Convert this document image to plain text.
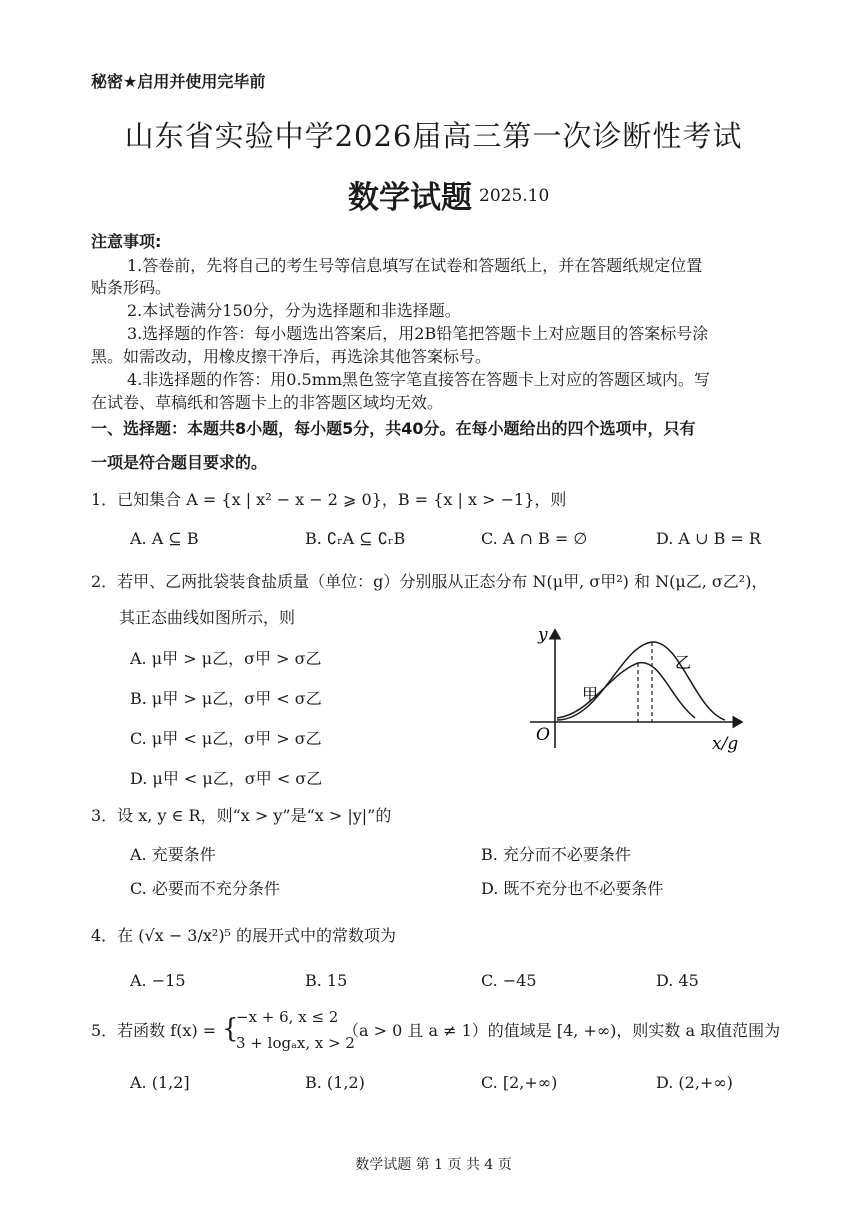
秘密★启用并使用完毕前
山东省实验中学2026届高三第一次诊断性考试
数学试题 2025.10
注意事项:
1.答卷前，先将自己的考生号等信息填写在试卷和答题纸上，并在答题纸规定位置
贴条形码。
2.本试卷满分150分，分为选择题和非选择题。
3.选择题的作答：每小题选出答案后，用2B铅笔把答题卡上对应题目的答案标号涂
黑。如需改动，用橡皮擦干净后，再选涂其他答案标号。
4.非选择题的作答：用0.5mm黑色签字笔直接答在答题卡上对应的答题区域内。写
在试卷、草稿纸和答题卡上的非答题区域均无效。
一、选择题：本题共8小题，每小题5分，共40分。在每小题给出的四个选项中，只有
一项是符合题目要求的。
1．已知集合 A = {x | x² − x − 2 ⩾ 0}，B = {x | x > −1}，则
A. A ⊆ B	B. ∁ᵣA ⊆ ∁ᵣB	C. A ∩ B = ∅	D. A ∪ B = R
2．若甲、乙两批袋装食盐质量（单位：g）分别服从正态分布 N(μ甲, σ甲²) 和 N(μ乙, σ乙²)，
其正态曲线如图所示，则
A. μ甲 > μ乙，σ甲 > σ乙
B. μ甲 > μ乙，σ甲 < σ乙
C. μ甲 < μ乙，σ甲 > σ乙
D. μ甲 < μ乙，σ甲 < σ乙
y
x/g
O
甲
乙
3．设 x, y ∈ R，则“x > y”是“x > |y|”的
A. 充要条件	B. 充分而不必要条件
C. 必要而不充分条件	D. 既不充分也不必要条件
4．在 (√x − 3/x²)⁵ 的展开式中的常数项为
A. −15	B. 15	C. −45	D. 45
5．若函数 f(x) = {
−x + 6, x ≤ 2
3 + logₐx, x > 2
（a > 0 且 a ≠ 1）的值域是 [4, +∞)，则实数 a 取值范围为
A. (1,2]	B. (1,2)	C. [2,+∞)	D. (2,+∞)
数学试题 第 1 页 共 4 页
